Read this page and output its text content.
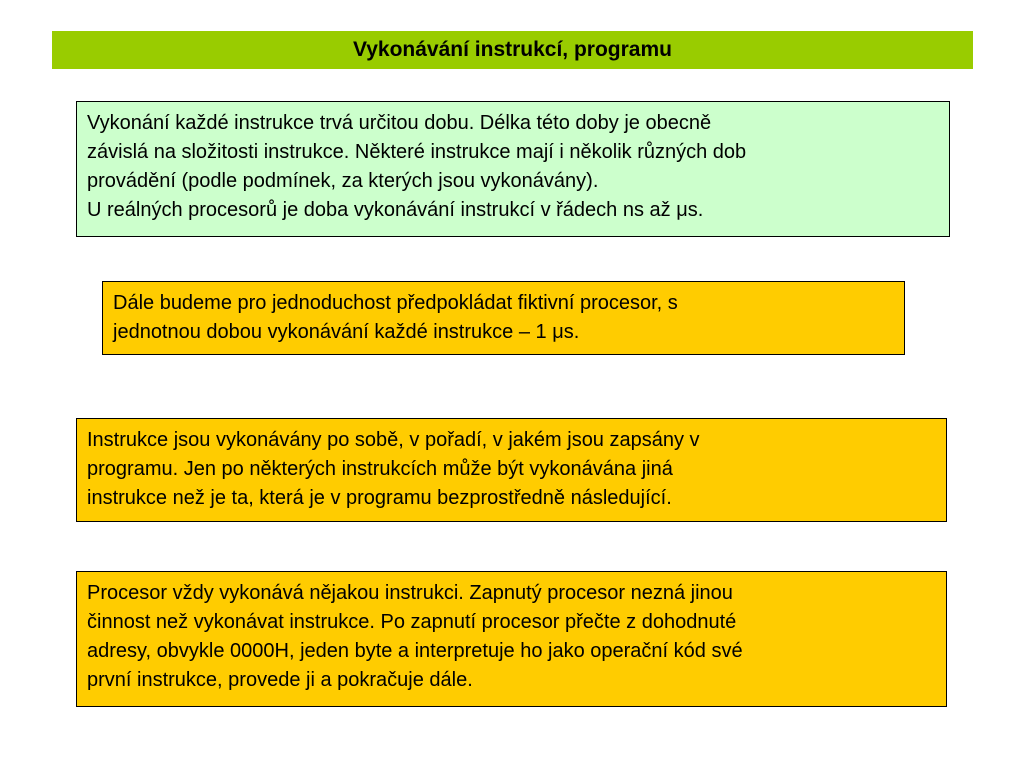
Vykonávání instrukcí, programu

Vykonání každé instrukce trvá určitou dobu. Délka této doby je obecně
závislá na složitosti instrukce. Některé instrukce mají i několik různých dob
provádění (podle podmínek, za kterých jsou vykonávány).
U reálných procesorů je doba vykonávání instrukcí v řádech ns až μs.

Dále budeme pro jednoduchost předpokládat fiktivní procesor, s
jednotnou dobou vykonávání každé instrukce – 1 μs.

Instrukce jsou vykonávány po sobě, v pořadí, v jakém jsou zapsány v
programu. Jen po některých instrukcích může být vykonávána jiná
instrukce než je ta, která je v programu bezprostředně následující.

Procesor vždy vykonává nějakou instrukci. Zapnutý procesor nezná jinou
činnost než vykonávat instrukce. Po zapnutí procesor přečte z dohodnuté
adresy, obvykle 0000H, jeden byte a interpretuje ho jako operační kód své
první instrukce, provede ji a pokračuje dále.
